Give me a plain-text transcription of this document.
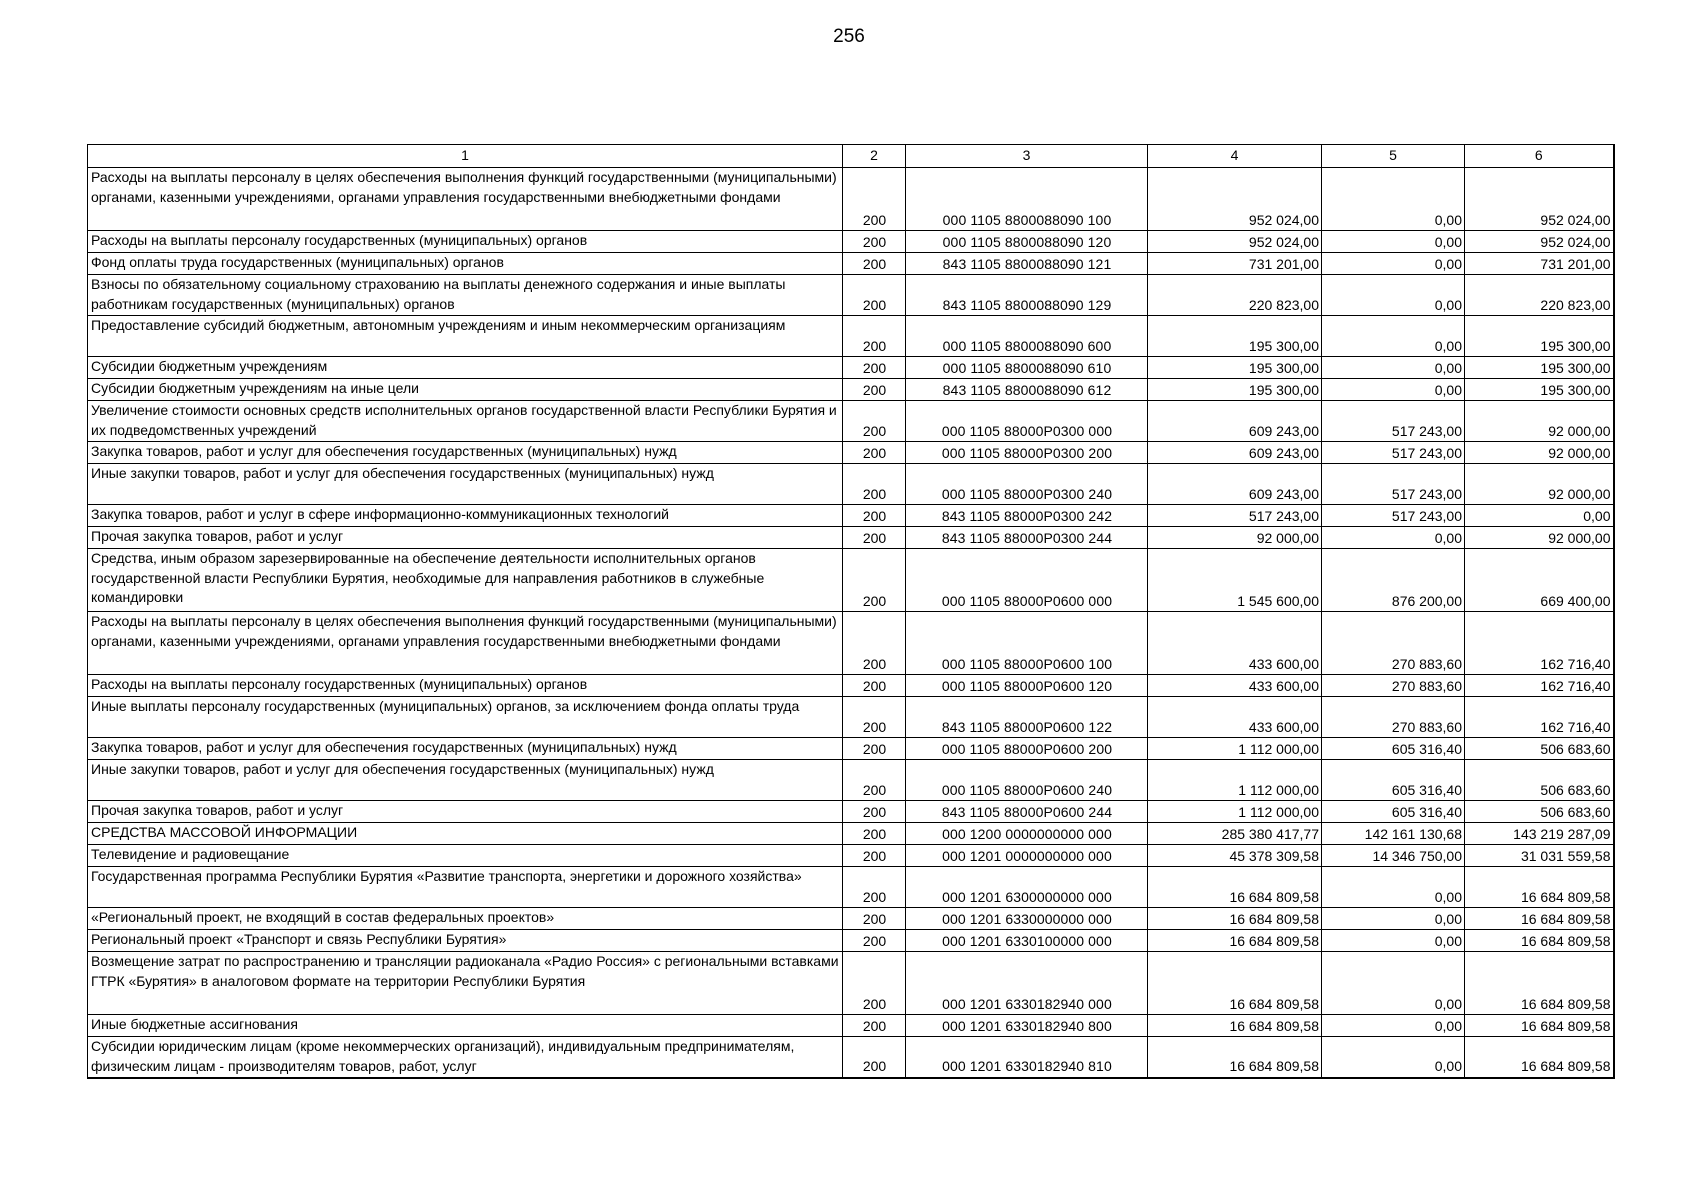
256
1	2	3	4	5	6
Расходы на выплаты персоналу в целях обеспечения выполнения функций государственными (муниципальными) органами, казенными учреждениями, органами управления государственными внебюджетными фондами	200	000 1105 8800088090 100	952 024,00	0,00	952 024,00
Расходы на выплаты персоналу государственных (муниципальных) органов	200	000 1105 8800088090 120	952 024,00	0,00	952 024,00
Фонд оплаты труда государственных (муниципальных) органов	200	843 1105 8800088090 121	731 201,00	0,00	731 201,00
Взносы по обязательному социальному страхованию на выплаты денежного содержания и иные выплаты работникам государственных (муниципальных) органов	200	843 1105 8800088090 129	220 823,00	0,00	220 823,00
Предоставление субсидий бюджетным, автономным учреждениям и иным некоммерческим организациям	200	000 1105 8800088090 600	195 300,00	0,00	195 300,00
Субсидии бюджетным учреждениям	200	000 1105 8800088090 610	195 300,00	0,00	195 300,00
Субсидии бюджетным учреждениям на иные цели	200	843 1105 8800088090 612	195 300,00	0,00	195 300,00
Увеличение стоимости основных средств исполнительных органов государственной власти Республики Бурятия и их подведомственных учреждений	200	000 1105 88000P0300 000	609 243,00	517 243,00	92 000,00
Закупка товаров, работ и услуг для обеспечения государственных (муниципальных) нужд	200	000 1105 88000P0300 200	609 243,00	517 243,00	92 000,00
Иные закупки товаров, работ и услуг для обеспечения государственных (муниципальных) нужд	200	000 1105 88000P0300 240	609 243,00	517 243,00	92 000,00
Закупка товаров, работ и услуг в сфере информационно-коммуникационных технологий	200	843 1105 88000P0300 242	517 243,00	517 243,00	0,00
Прочая закупка товаров, работ и услуг	200	843 1105 88000P0300 244	92 000,00	0,00	92 000,00
Средства, иным образом зарезервированные на обеспечение деятельности исполнительных органов государственной власти Республики Бурятия, необходимые для направления работников в служебные командировки	200	000 1105 88000P0600 000	1 545 600,00	876 200,00	669 400,00
Расходы на выплаты персоналу в целях обеспечения выполнения функций государственными (муниципальными) органами, казенными учреждениями, органами управления государственными внебюджетными фондами	200	000 1105 88000P0600 100	433 600,00	270 883,60	162 716,40
Расходы на выплаты персоналу государственных (муниципальных) органов	200	000 1105 88000P0600 120	433 600,00	270 883,60	162 716,40
Иные выплаты персоналу государственных (муниципальных) органов, за исключением фонда оплаты труда	200	843 1105 88000P0600 122	433 600,00	270 883,60	162 716,40
Закупка товаров, работ и услуг для обеспечения государственных (муниципальных) нужд	200	000 1105 88000P0600 200	1 112 000,00	605 316,40	506 683,60
Иные закупки товаров, работ и услуг для обеспечения государственных (муниципальных) нужд	200	000 1105 88000P0600 240	1 112 000,00	605 316,40	506 683,60
Прочая закупка товаров, работ и услуг	200	843 1105 88000P0600 244	1 112 000,00	605 316,40	506 683,60
СРЕДСТВА МАССОВОЙ ИНФОРМАЦИИ	200	000 1200 0000000000 000	285 380 417,77	142 161 130,68	143 219 287,09
Телевидение и радиовещание	200	000 1201 0000000000 000	45 378 309,58	14 346 750,00	31 031 559,58
Государственная программа Республики Бурятия «Развитие транспорта, энергетики и дорожного хозяйства»	200	000 1201 6300000000 000	16 684 809,58	0,00	16 684 809,58
«Региональный проект, не входящий в состав федеральных проектов»	200	000 1201 6330000000 000	16 684 809,58	0,00	16 684 809,58
Региональный проект «Транспорт и связь Республики Бурятия»	200	000 1201 6330100000 000	16 684 809,58	0,00	16 684 809,58
Возмещение затрат по распространению и трансляции радиоканала «Радио Россия» с региональными вставками ГТРК «Бурятия» в аналоговом формате на территории Республики Бурятия	200	000 1201 6330182940 000	16 684 809,58	0,00	16 684 809,58
Иные бюджетные ассигнования	200	000 1201 6330182940 800	16 684 809,58	0,00	16 684 809,58
Субсидии юридическим лицам (кроме некоммерческих организаций), индивидуальным предпринимателям, физическим лицам - производителям товаров, работ, услуг	200	000 1201 6330182940 810	16 684 809,58	0,00	16 684 809,58
